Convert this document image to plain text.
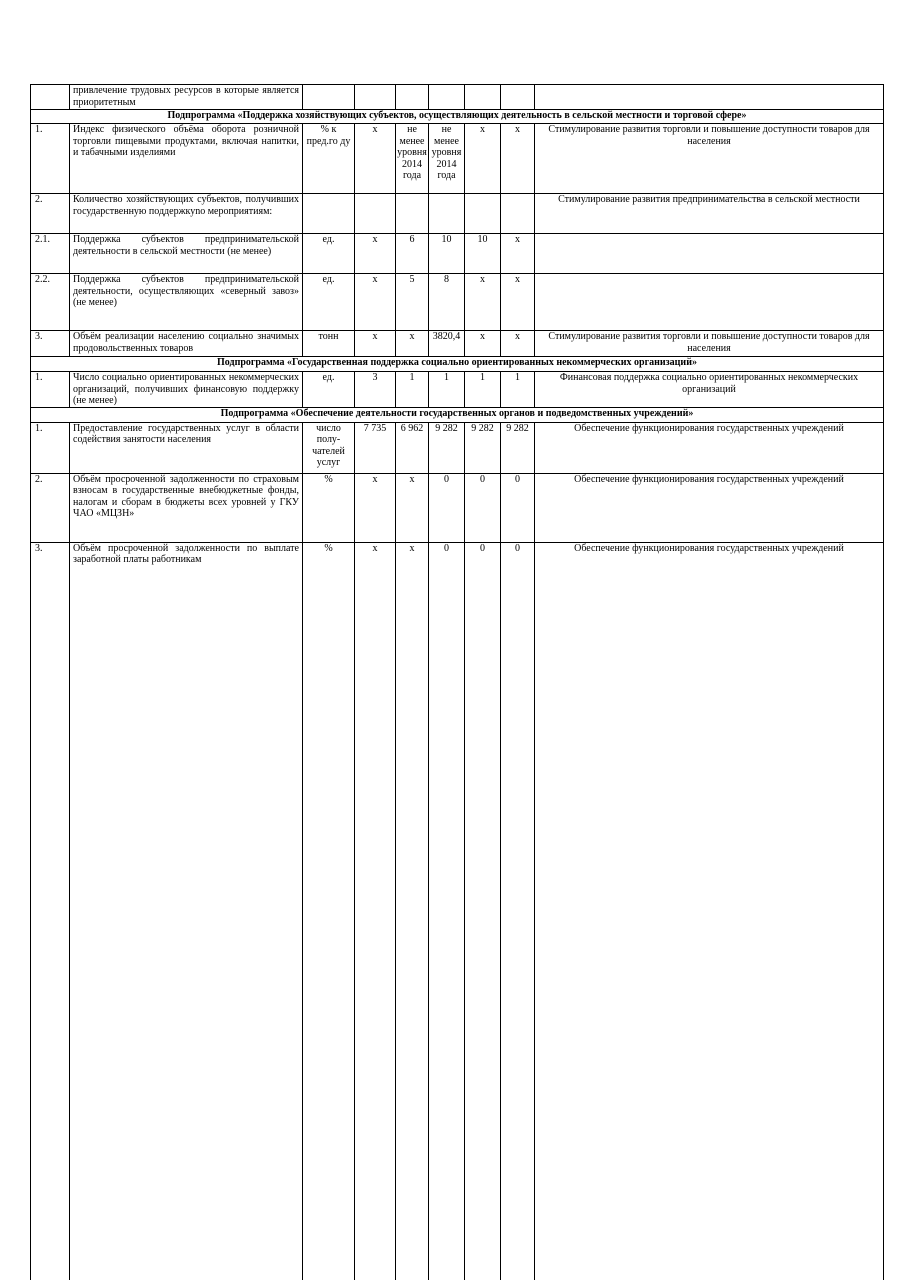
	привлечение трудовых ресурсов в которые является приоритетным							
Подпрограмма «Поддержка хозяйствующих субъектов, осуществляющих деятельность в сельской местности и торговой сфере»								
1.	Индекс физического объёма оборота розничной торговли пищевыми продуктами, включая напитки, и табачными изделиями	% к пред.го ду	х	не менее уровня 2014 года	не менее уровня 2014 года	х	х	Стимулирование развития торговли и повышение доступности товаров для населения
2.	Количество хозяйствующих субъектов, получивших государственную поддержкуnо мероприятиям:							Стимулирование развития предпринимательства в сельской местности
2.1.	Поддержка субъектов предпринимательской деятельности в сельской местности (не менее)	ед.	х	6	10	10	х	
2.2.	Поддержка субъектов предпринимательской деятельности, осуществляющих «северный завоз» (не менее)	ед.	х	5	8	х	х	
3.	Объём реализации населению социально значимых продовольственных товаров	тонн	х	х	3820,4	х	х	Стимулирование развития торговли и повышение доступности товаров для населения
Подпрограмма «Государственная поддержка социально ориентированных некоммерческих организаций»								
1.	Число социально ориентированных некоммерческих организаций, получивших финансовую поддержку (не менее)	ед.	3	1	1	1	1	Финансовая поддержка социально ориентированных некоммерческих организаций
Подпрограмма «Обеспечение деятельности государственных органов и подведомственных учреждений»								
1.	Предоставление государственных услуг в области содействия занятости населения	число полу-чателей услуг	7 735	6 962	9 282	9 282	9 282	Обеспечение функционирования государственных учреждений
2.	Объём просроченной задолженности по страховым взносам в государственные внебюджетные фонды, налогам и сборам в бюджеты всех уровней у ГКУ ЧАО «МЦЗН»	%	х	х	0	0	0	Обеспечение функционирования государственных учреждений
3.	Объём просроченной задолженности по выплате заработной платы работникам	%	х	х	0	0	0	Обеспечение функционирования государственных учреждений
